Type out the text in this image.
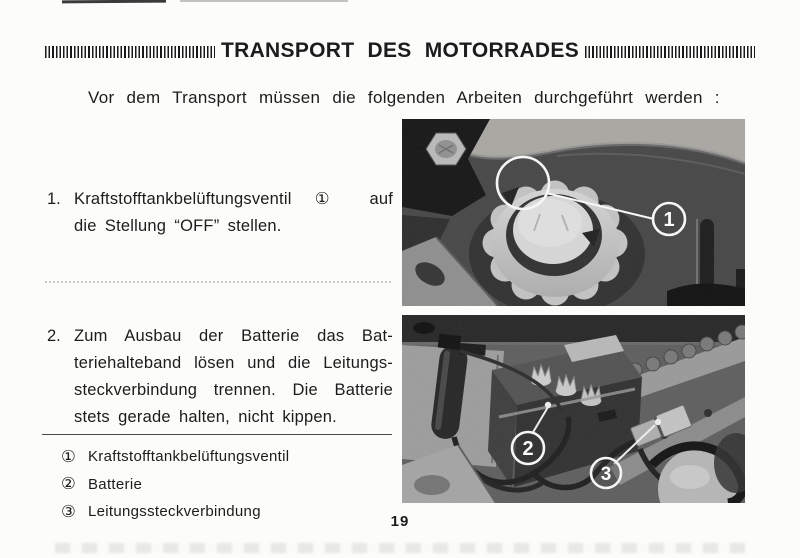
TRANSPORT DES MOTORRADES
Vor dem Transport müssen die folgenden Arbeiten durchgeführt werden :
1. Kraftstofftankbelüftungsventil ① auf
die Stellung “OFF” stellen.
2. Zum Ausbau der Batterie das Bat-
teriehalteband lösen und die Leitungs-
steckverbindung trennen. Die Batterie
stets gerade halten, nicht kippen.
① Kraftstofftankbelüftungsventil
② Batterie
③ Leitungssteckverbindung
1
2
3
19
